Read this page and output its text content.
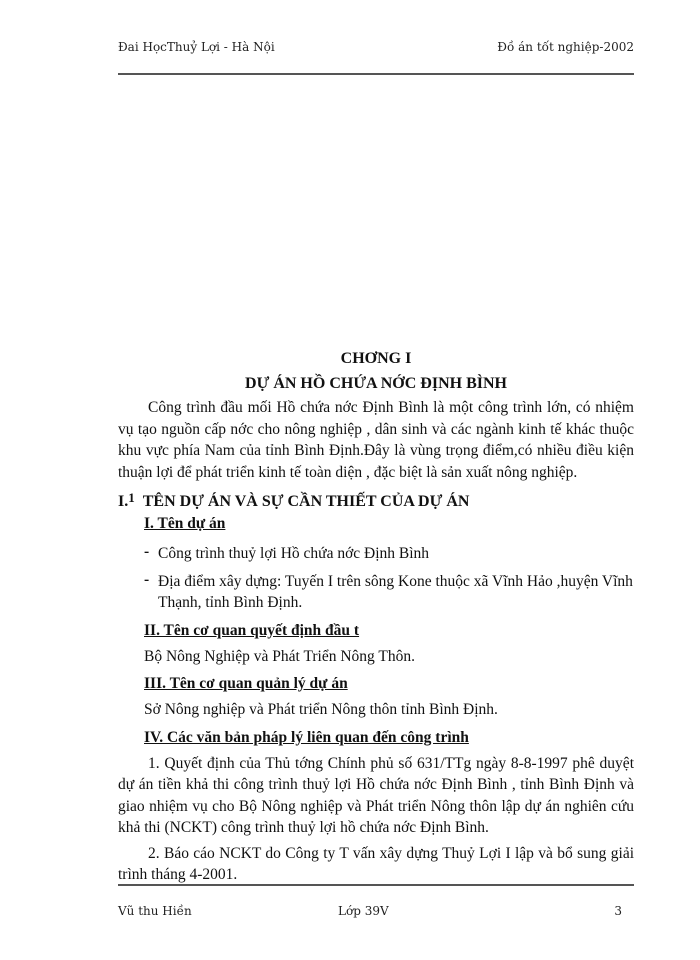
Đai HọcThuỷ Lợi - Hà Nội	Đồ án tốt nghiệp-2002
CHƠNG I
DỰ ÁN HỒ CHỨA NỚC ĐỊNH BÌNH

Công trình đầu mối Hồ chứa nớc Định Bình là một công trình lớn, có nhiệm vụ tạo nguồn cấp nớc cho nông nghiệp , dân sinh và các ngành kinh tế khác thuộc khu vực phía Nam của tỉnh Bình Định.Đây là vùng trọng điểm,có nhiều điều kiện thuận lợi để phát triển kinh tế toàn diện , đặc biệt là sản xuất nông nghiệp.

I.$^1$ TÊN DỰ ÁN VÀ SỰ CẦN THIẾT CỦA DỰ ÁN
I. Tên dự án
- Công trình thuỷ lợi Hồ chứa nớc Định Bình
- Địa điểm xây dựng: Tuyến I trên sông Kone thuộc xã Vĩnh Hảo ,huyện Vĩnh Thạnh, tỉnh Bình Định.
II. Tên cơ quan quyết định đầu t
Bộ Nông Nghiệp và Phát Triển Nông Thôn.
III. Tên cơ quan quản lý dự án
Sở Nông nghiệp và Phát triển Nông thôn tỉnh Bình Định.
IV. Các văn bản pháp lý liên quan đến công trình

1. Quyết định của Thủ tớng Chính phủ số 631/TTg ngày 8-8-1997 phê duyệt dự án tiền khả thi công trình thuỷ lợi Hồ chứa nớc Định Bình , tỉnh Bình Định và giao nhiệm vụ cho Bộ Nông nghiệp và Phát triển Nông thôn lập dự án nghiên cứu khả thi (NCKT) công trình thuỷ lợi hồ chứa nớc Định Bình.

2. Báo cáo NCKT do Công ty T vấn xây dựng Thuỷ Lợi I lập và bổ sung giải trình tháng 4-2001.

Vũ thu Hiền	Lớp 39V	3
